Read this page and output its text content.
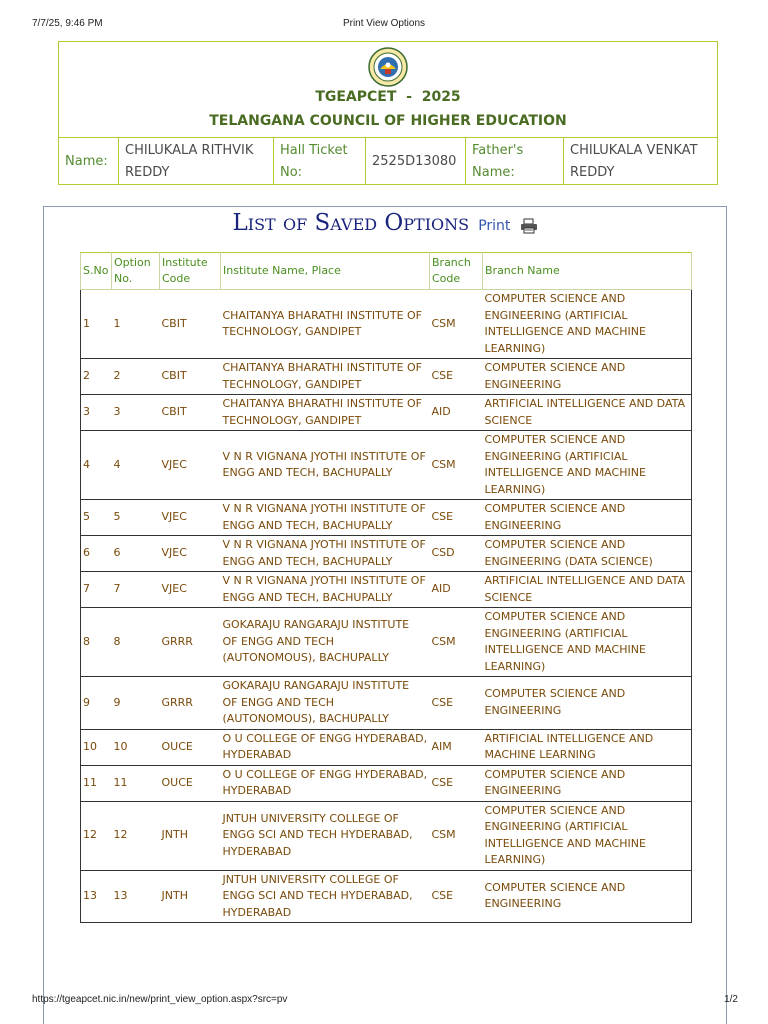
7/7/25, 9:46 PM	Print View Options
TGEAPCET  -  2025
TELANGANA COUNCIL OF HIGHER EDUCATION
Name:
CHILUKALA RITHVIK REDDY
Hall Ticket No:
2525D13080
Father's Name:
CHILUKALA VENKAT REDDY
List of Saved Options Print
S.No	Option No.	Institute Code	Institute Name, Place	Branch Code	Branch Name
1	1	CBIT	CHAITANYA BHARATHI INSTITUTE OF TECHNOLOGY, GANDIPET	CSM	COMPUTER SCIENCE AND ENGINEERING (ARTIFICIAL INTELLIGENCE AND MACHINE LEARNING)
2	2	CBIT	CHAITANYA BHARATHI INSTITUTE OF TECHNOLOGY, GANDIPET	CSE	COMPUTER SCIENCE AND ENGINEERING
3	3	CBIT	CHAITANYA BHARATHI INSTITUTE OF TECHNOLOGY, GANDIPET	AID	ARTIFICIAL INTELLIGENCE AND DATA SCIENCE
4	4	VJEC	V N R VIGNANA JYOTHI INSTITUTE OF ENGG AND TECH, BACHUPALLY	CSM	COMPUTER SCIENCE AND ENGINEERING (ARTIFICIAL INTELLIGENCE AND MACHINE LEARNING)
5	5	VJEC	V N R VIGNANA JYOTHI INSTITUTE OF ENGG AND TECH, BACHUPALLY	CSE	COMPUTER SCIENCE AND ENGINEERING
6	6	VJEC	V N R VIGNANA JYOTHI INSTITUTE OF ENGG AND TECH, BACHUPALLY	CSD	COMPUTER SCIENCE AND ENGINEERING (DATA SCIENCE)
7	7	VJEC	V N R VIGNANA JYOTHI INSTITUTE OF ENGG AND TECH, BACHUPALLY	AID	ARTIFICIAL INTELLIGENCE AND DATA SCIENCE
8	8	GRRR	GOKARAJU RANGARAJU INSTITUTE OF ENGG AND TECH (AUTONOMOUS), BACHUPALLY	CSM	COMPUTER SCIENCE AND ENGINEERING (ARTIFICIAL INTELLIGENCE AND MACHINE LEARNING)
9	9	GRRR	GOKARAJU RANGARAJU INSTITUTE OF ENGG AND TECH (AUTONOMOUS), BACHUPALLY	CSE	COMPUTER SCIENCE AND ENGINEERING
10	10	OUCE	O U COLLEGE OF ENGG HYDERABAD, HYDERABAD	AIM	ARTIFICIAL INTELLIGENCE AND MACHINE LEARNING
11	11	OUCE	O U COLLEGE OF ENGG HYDERABAD, HYDERABAD	CSE	COMPUTER SCIENCE AND ENGINEERING
12	12	JNTH	JNTUH UNIVERSITY COLLEGE OF ENGG SCI AND TECH HYDERABAD, HYDERABAD	CSM	COMPUTER SCIENCE AND ENGINEERING (ARTIFICIAL INTELLIGENCE AND MACHINE LEARNING)
13	13	JNTH	JNTUH UNIVERSITY COLLEGE OF ENGG SCI AND TECH HYDERABAD, HYDERABAD	CSE	COMPUTER SCIENCE AND ENGINEERING
https://tgeapcet.nic.in/new/print_view_option.aspx?src=pv	1/2
